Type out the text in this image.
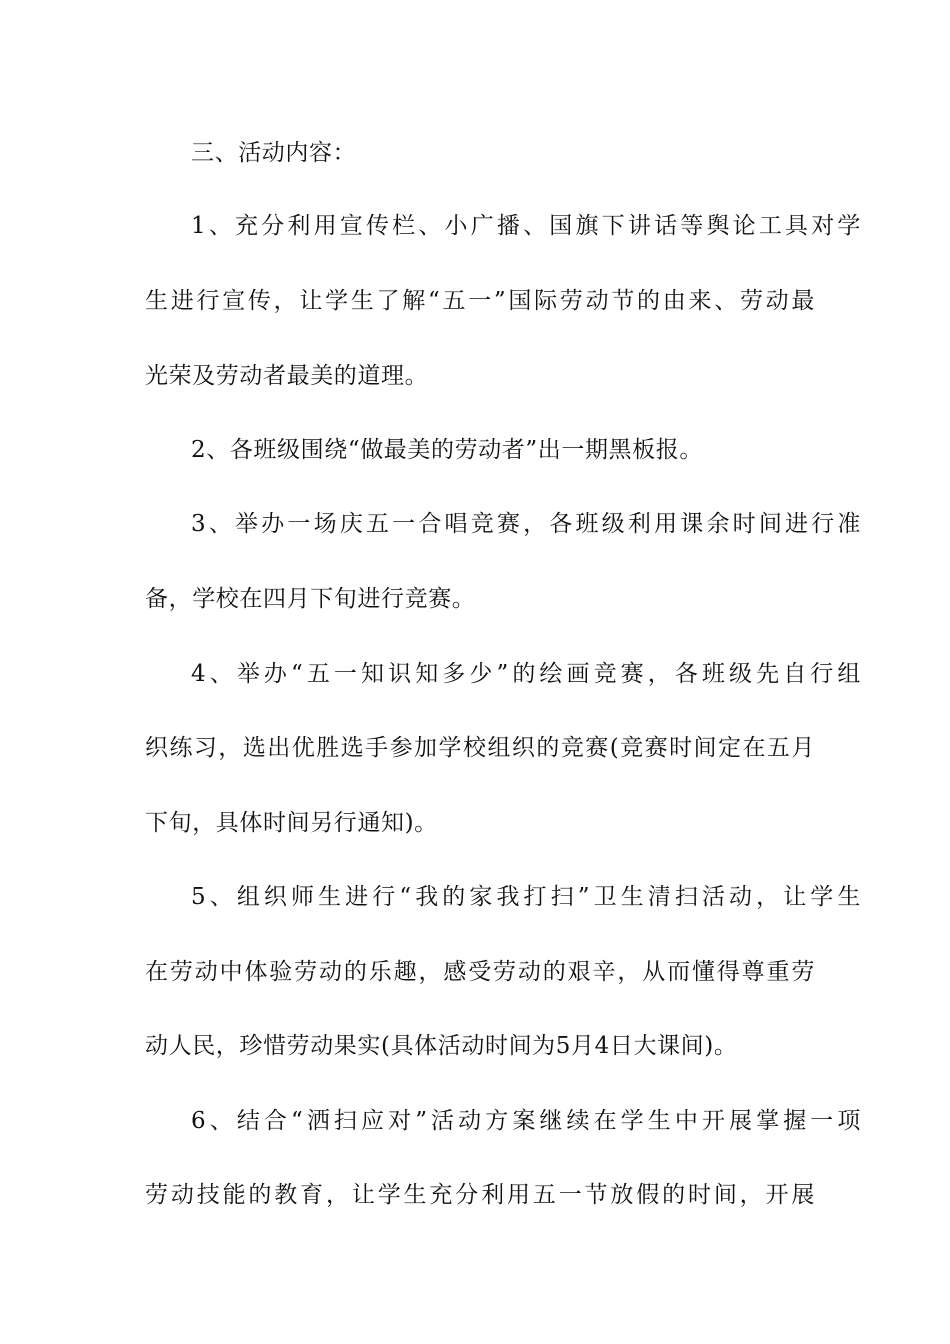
三、活动内容：
1、充分利用宣传栏、小广播、国旗下讲话等舆论工具对学
生进行宣传，让学生了解“五一”国际劳动节的由来、劳动最
光荣及劳动者最美的道理。
2、各班级围绕“做最美的劳动者”出一期黑板报。
3、举办一场庆五一合唱竞赛，各班级利用课余时间进行准
备，学校在四月下旬进行竞赛。
4、举办“五一知识知多少”的绘画竞赛，各班级先自行组
织练习，选出优胜选手参加学校组织的竞赛(竞赛时间定在五月
下旬，具体时间另行通知)。
5、组织师生进行“我的家我打扫”卫生清扫活动，让学生
在劳动中体验劳动的乐趣，感受劳动的艰辛，从而懂得尊重劳
动人民，珍惜劳动果实(具体活动时间为5月4日大课间)。
6、结合“洒扫应对”活动方案继续在学生中开展掌握一项
劳动技能的教育，让学生充分利用五一节放假的时间，开展
